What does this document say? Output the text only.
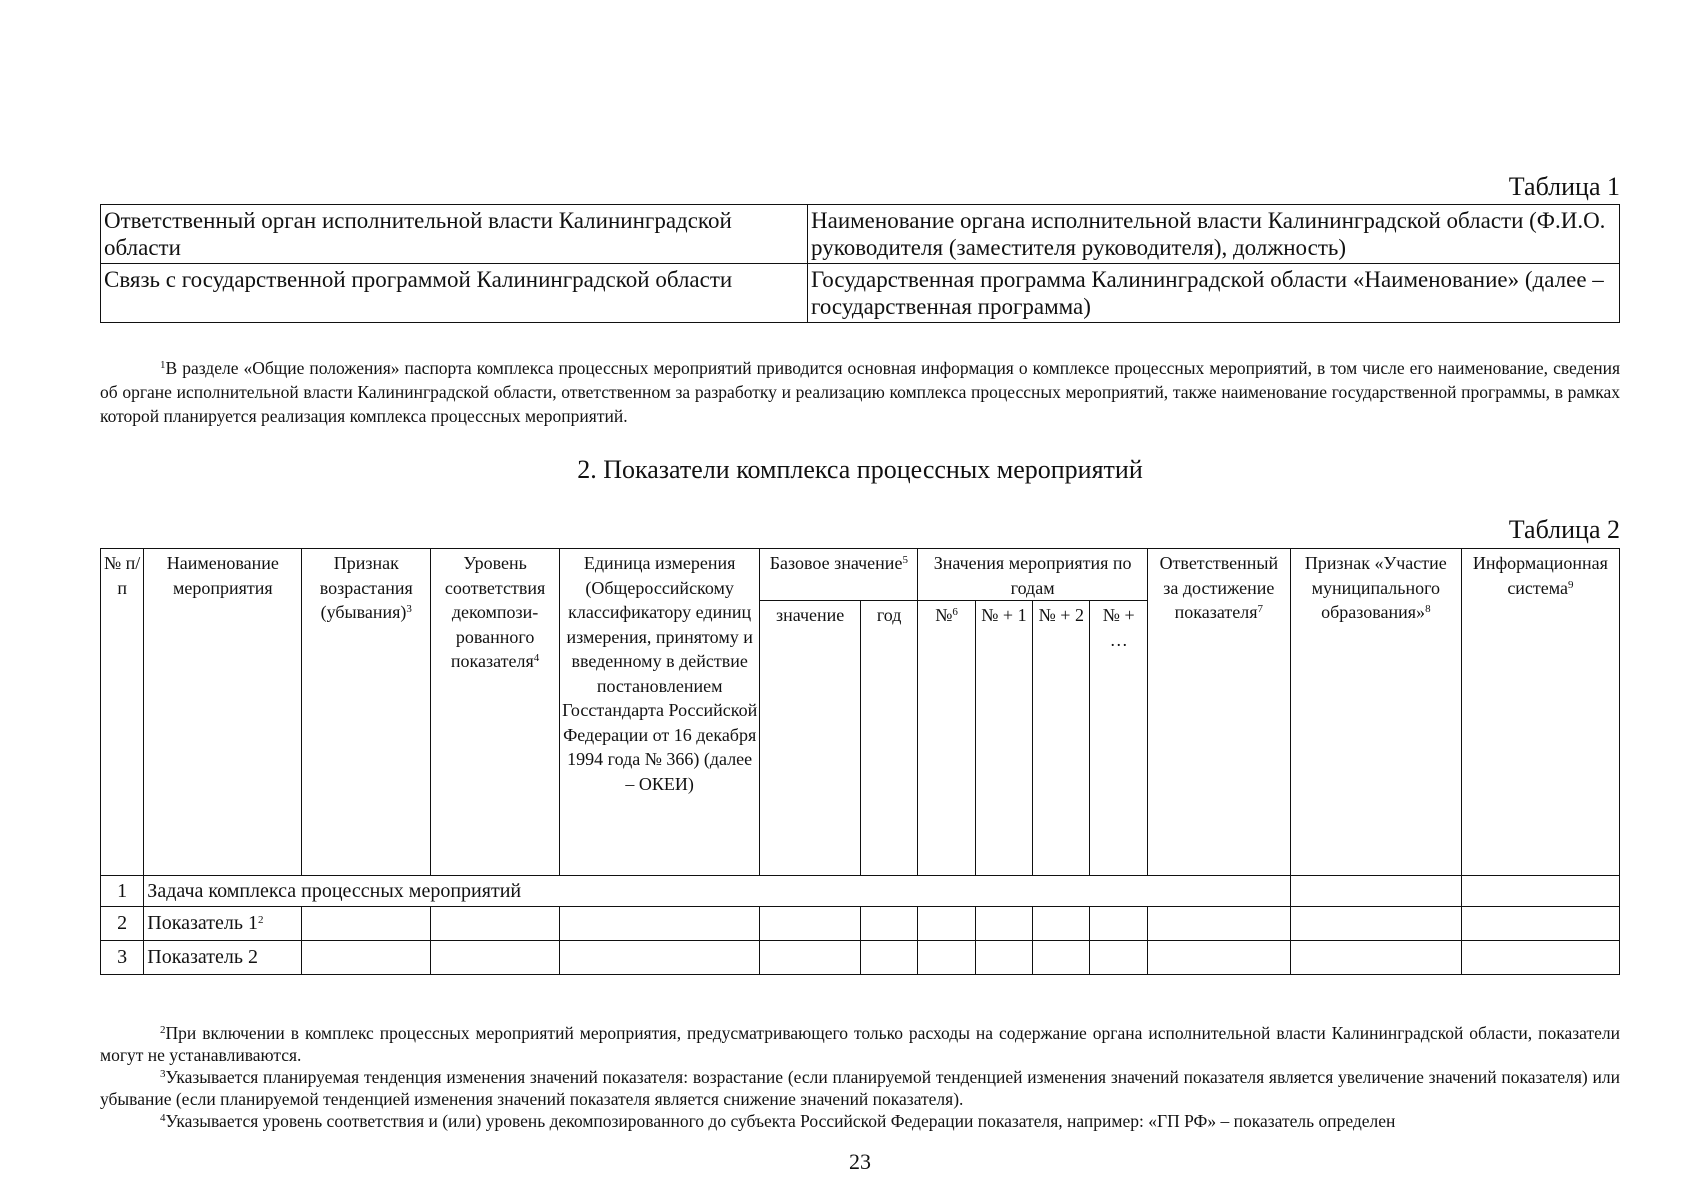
Таблица 1
Ответственный орган исполнительной власти Калининградской области	Наименование органа исполнительной власти Калининградской области (Ф.И.О. руководителя (заместителя руководителя), должность)
Связь с государственной программой Калининградской области	Государственная программа Калининградской области «Наименование» (далее – государственная программа)

$^1$В разделе «Общие положения» паспорта комплекса процессных мероприятий приводится основная информация о комплексе процессных мероприятий, в том числе его наименование, сведения об органе исполнительной власти Калининградской области, ответственном за разработку и реализацию комплекса процессных мероприятий, также наименование государственной программы, в рамках которой планируется реализация комплекса процессных мероприятий.

2. Показатели комплекса процессных мероприятий
Таблица 2
№ п/п	Наименование мероприятия	Признак возрастания (убывания)$^3$	Уровень соответствия декомпози-рованного показателя$^4$	Единица измерения (Общероссийскому классификатору единиц измерения, принятому и введенному в действие постановлением Госстандарта Российской Федерации от 16 декабря 1994 года № 366) (далее – ОКЕИ)	Базовое значение$^5$		Значения мероприятия по годам				Ответственный за достижение показателя$^7$	Признак «Участие муниципального образования»$^8$	Информационная система$^9$
					значение	год	№$^6$	№ + 1	№ + 2	№ + …			
1	Задача комплекса процессных мероприятий												
2	Показатель $1^2$												
3	Показатель 2												

$^2$При включении в комплекс процессных мероприятий мероприятия, предусматривающего только расходы на содержание органа исполнительной власти Калининградской области, показатели могут не устанавливаются.

$^3$Указывается планируемая тенденция изменения значений показателя: возрастание (если планируемой тенденцией изменения значений показателя является увеличение значений показателя) или убывание (если планируемой тенденцией изменения значений показателя является снижение значений показателя).

$^4$Указывается уровень соответствия и (или) уровень декомпозированного до субъекта Российской Федерации показателя, например: «ГП РФ» – показатель определен

23
